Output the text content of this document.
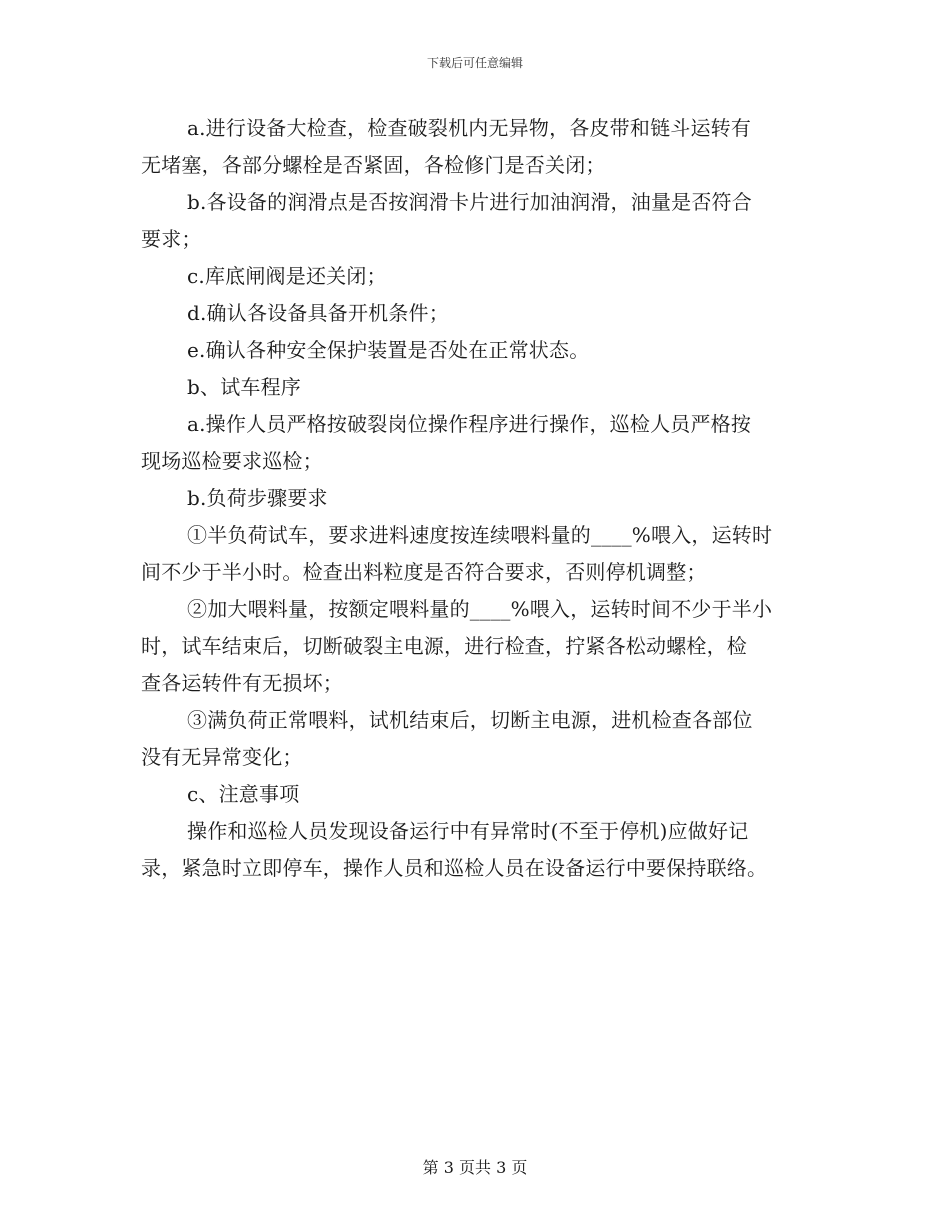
下载后可任意编辑
a.进行设备大检查，检查破裂机内无异物，各皮带和链斗运转有
无堵塞，各部分螺栓是否紧固，各检修门是否关闭；
b.各设备的润滑点是否按润滑卡片进行加油润滑，油量是否符合
要求；
c.库底闸阀是还关闭；
d.确认各设备具备开机条件；
e.确认各种安全保护装置是否处在正常状态。
b、试车程序
a.操作人员严格按破裂岗位操作程序进行操作，巡检人员严格按
现场巡检要求巡检；
b.负荷步骤要求
①半负荷试车，要求进料速度按连续喂料量的____%喂入，运转时
间不少于半小时。检查出料粒度是否符合要求，否则停机调整；
②加大喂料量，按额定喂料量的____%喂入，运转时间不少于半小
时，试车结束后，切断破裂主电源，进行检查，拧紧各松动螺栓，检
查各运转件有无损坏；
③满负荷正常喂料，试机结束后，切断主电源，进机检查各部位
没有无异常变化；
c、注意事项
操作和巡检人员发现设备运行中有异常时(不至于停机)应做好记
录，紧急时立即停车，操作人员和巡检人员在设备运行中要保持联络。
第 3 页共 3 页
